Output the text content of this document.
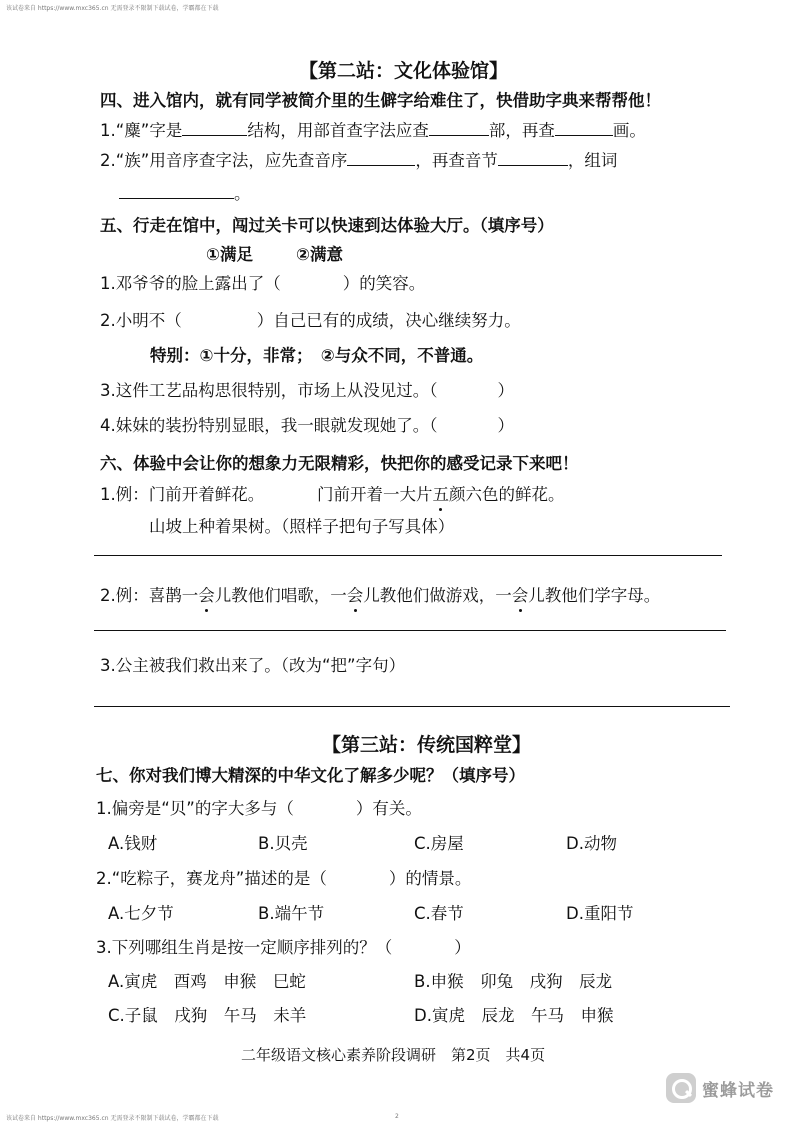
该试卷来自 https://www.mxc365.cn 无需登录不限制下载试卷，学霸都在下载
【第二站：文化体验馆】
四、进入馆内，就有同学被简介里的生僻字给难住了，快借助字典来帮帮他！
1.“麋”字是	结构，用部首查字法应查	部，再查	画。
2.“族”用音序查字法，应先查音序	，再查音节	，组词
。
五、行走在馆中，闯过关卡可以快速到达体验大厅。（填序号）
①满足	②满意
1.邓爷爷的脸上露出了（	）的笑容。
2.小明不（	）自己已有的成绩，决心继续努力。
特别：①十分，非常；　②与众不同，不普通。
3.这件工艺品构思很特别，市场上从没见过。（	）
4.妹妹的装扮特别显眼，我一眼就发现她了。（	）
六、体验中会让你的想象力无限精彩，快把你的感受记录下来吧！
1.例：门前开着鲜花。	门前开着一大片五颜六色的鲜花。
山坡上种着果树。（照样子把句子写具体）
2.例：喜鹊一会儿教他们唱歌，一会儿教他们做游戏，一会儿教他们学字母。
3.公主被我们救出来了。（改为“把”字句）
【第三站：传统国粹堂】
七、你对我们博大精深的中华文化了解多少呢？（填序号）
1.偏旁是“贝”的字大多与（	）有关。
A.钱财	B.贝壳	C.房屋	D.动物
2.“吃粽子，赛龙舟”描述的是（	）的情景。
A.七夕节	B.端午节	C.春节	D.重阳节
3.下列哪组生肖是按一定顺序排列的？（	）
A.寅虎　酉鸡　申猴　巳蛇	B.申猴　卯兔　戌狗　辰龙
C.子鼠　戌狗　午马　未羊	D.寅虎　辰龙　午马　申猴
二年级语文核心素养阶段调研　第2页　共4页
该试卷来自 https://www.mxc365.cn 无需登录不限制下载试卷，学霸都在下载	2
蜜蜂试卷
